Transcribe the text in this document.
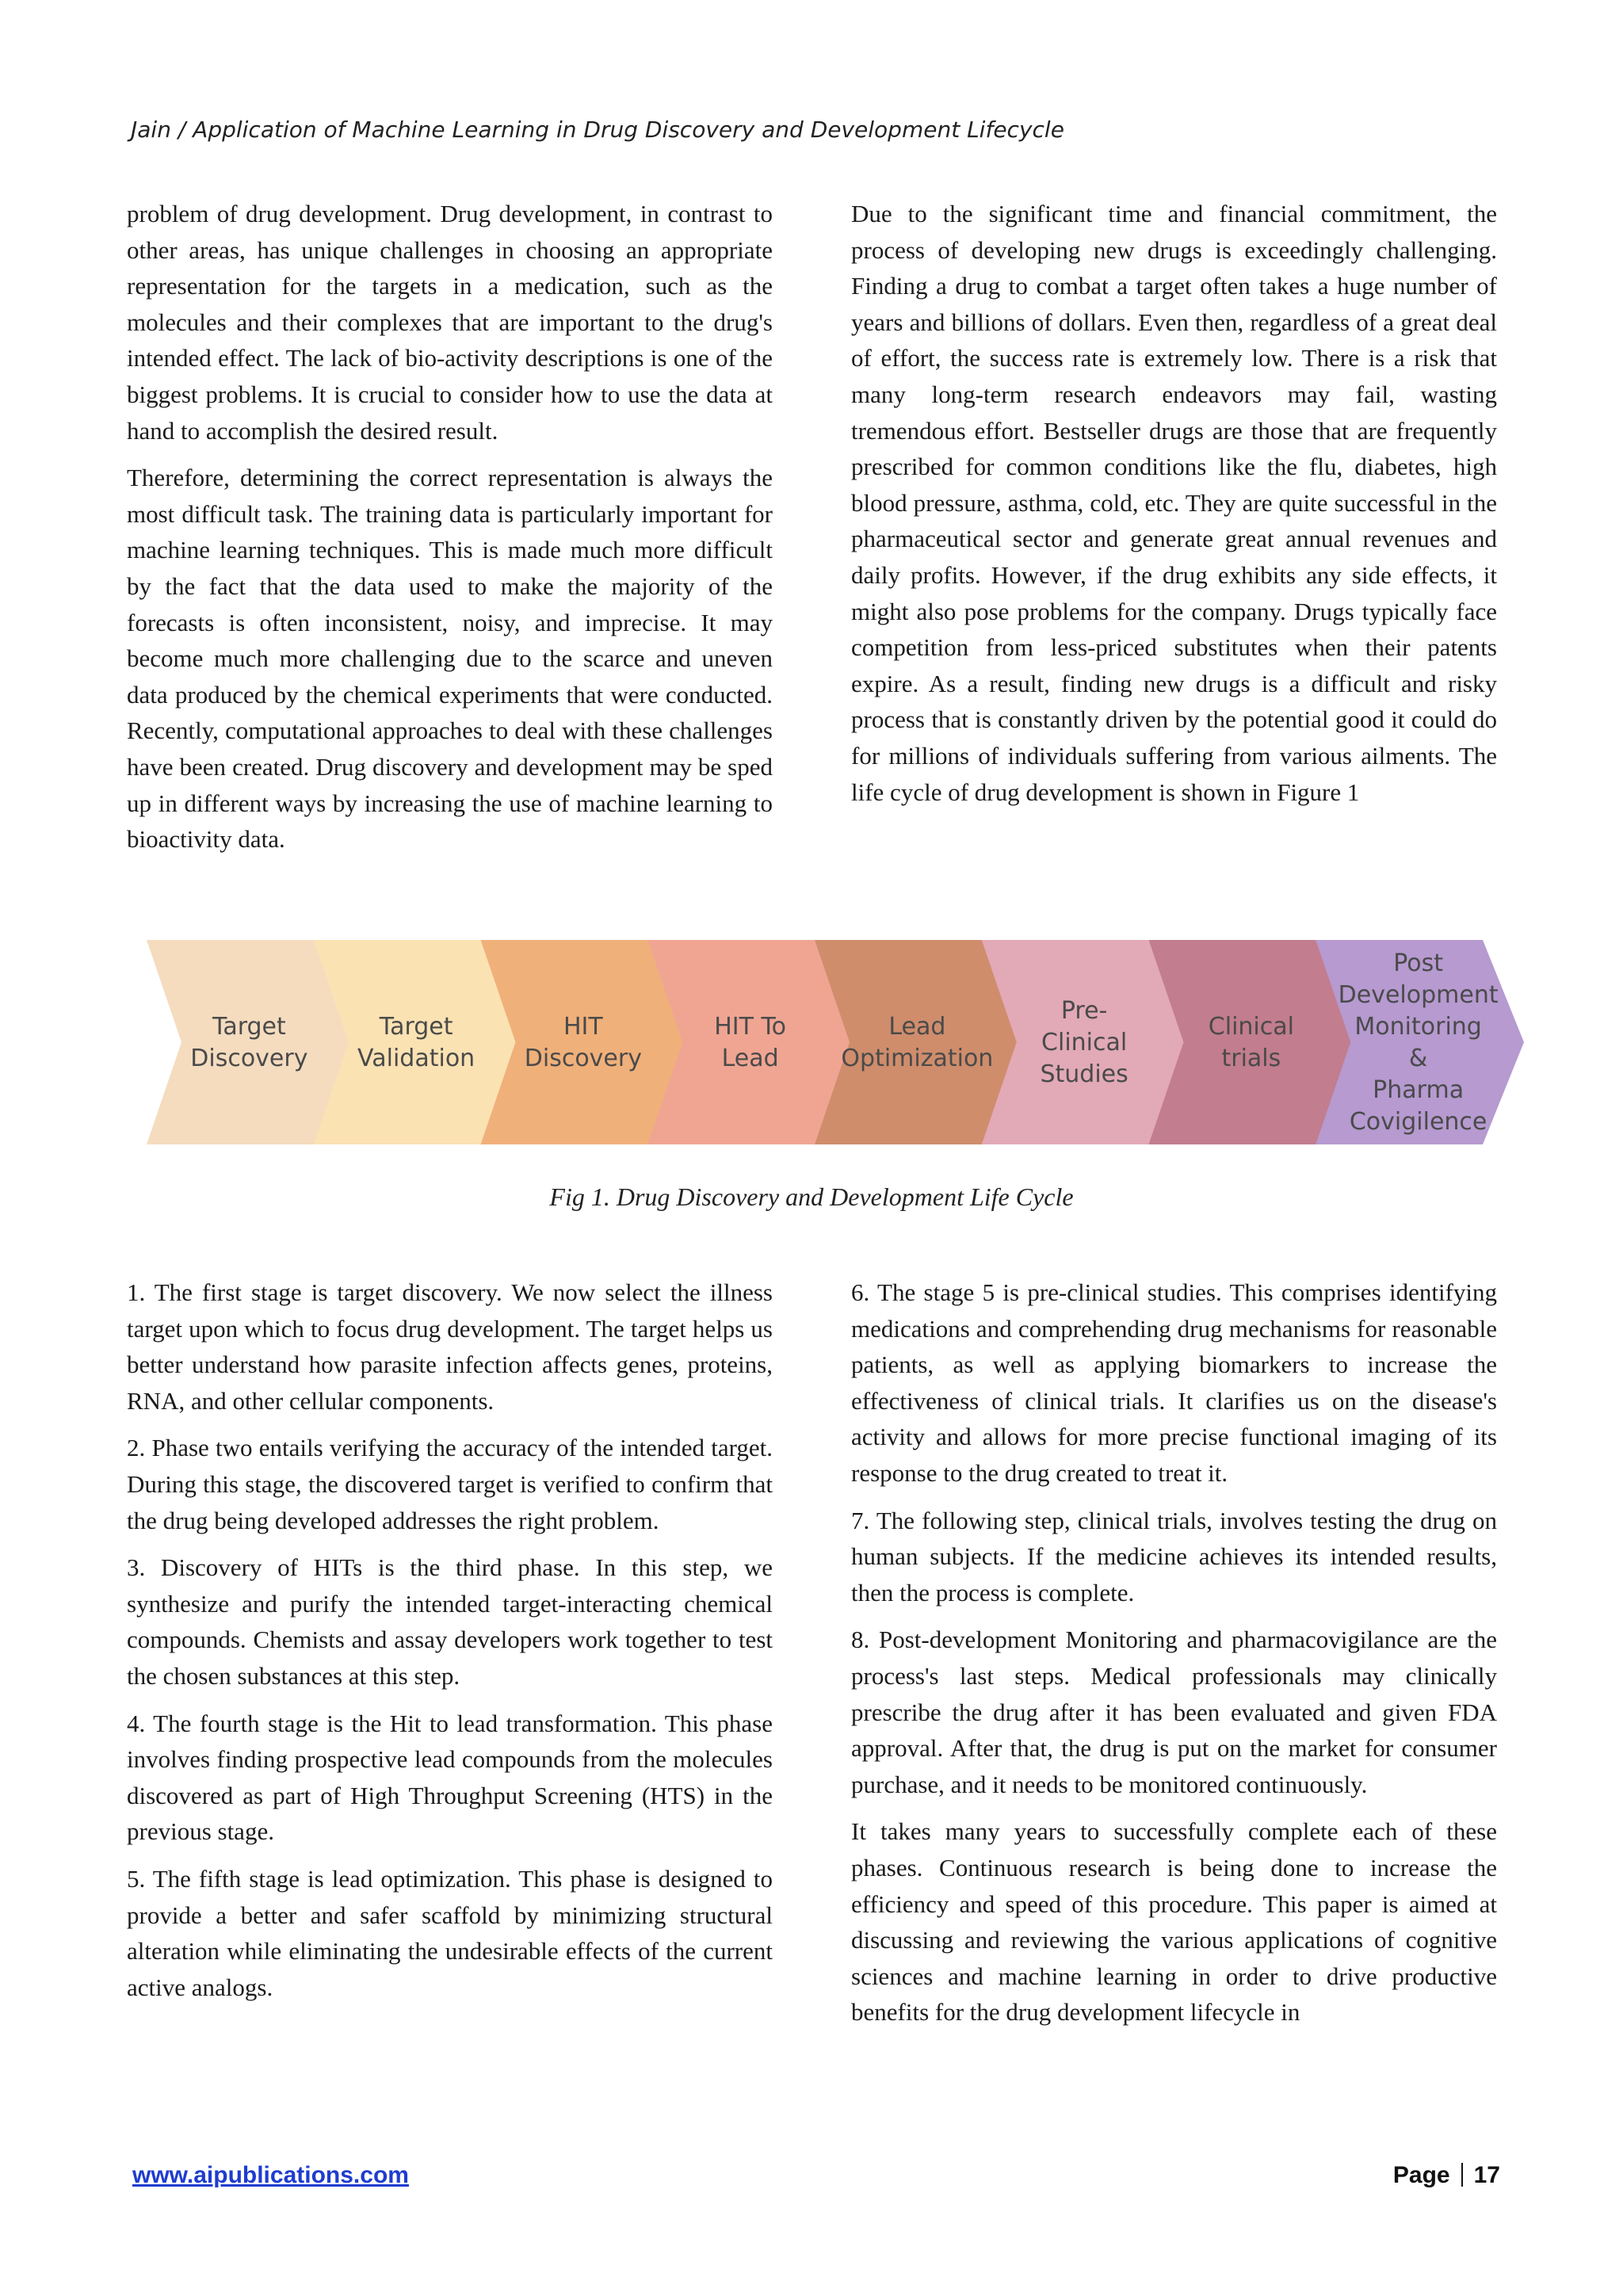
Jain / Application of Machine Learning in Drug Discovery and Development Lifecycle

problem of drug development. Drug development, in contrast to other areas, has unique challenges in choosing an appropriate representation for the targets in a medication, such as the molecules and their complexes that are important to the drug's intended effect. The lack of bio-activity descriptions is one of the biggest problems. It is crucial to consider how to use the data at hand to accomplish the desired result.

Therefore, determining the correct representation is always the most difficult task. The training data is particularly important for machine learning techniques. This is made much more difficult by the fact that the data used to make the majority of the forecasts is often inconsistent, noisy, and imprecise. It may become much more challenging due to the scarce and uneven data produced by the chemical experiments that were conducted. Recently, computational approaches to deal with these challenges have been created. Drug discovery and development may be sped up in different ways by increasing the use of machine learning to bioactivity data.

Due to the significant time and financial commitment, the process of developing new drugs is exceedingly challenging. Finding a drug to combat a target often takes a huge number of years and billions of dollars. Even then, regardless of a great deal of effort, the success rate is extremely low. There is a risk that many long-term research endeavors may fail, wasting tremendous effort. Bestseller drugs are those that are frequently prescribed for common conditions like the flu, diabetes, high blood pressure, asthma, cold, etc. They are quite successful in the pharmaceutical sector and generate great annual revenues and daily profits. However, if the drug exhibits any side effects, it might also pose problems for the company. Drugs typically face competition from less-priced substitutes when their patents expire. As a result, finding new drugs is a difficult and risky process that is constantly driven by the potential good it could do for millions of individuals suffering from various ailments. The life cycle of drug development is shown in Figure 1

Target Discovery
Target Validation
HIT Discovery
HIT To Lead
Lead Optimization
Pre-Clinical Studies
Clinical trials
Post Development Monitoring & Pharma Covigilence
Fig 1. Drug Discovery and Development Life Cycle

1. The first stage is target discovery. We now select the illness target upon which to focus drug development. The target helps us better understand how parasite infection affects genes, proteins, RNA, and other cellular components.

2. Phase two entails verifying the accuracy of the intended target. During this stage, the discovered target is verified to confirm that the drug being developed addresses the right problem.

3. Discovery of HITs is the third phase. In this step, we synthesize and purify the intended target-interacting chemical compounds. Chemists and assay developers work together to test the chosen substances at this step.

4. The fourth stage is the Hit to lead transformation. This phase involves finding prospective lead compounds from the molecules discovered as part of High Throughput Screening (HTS) in the previous stage.

5. The fifth stage is lead optimization. This phase is designed to provide a better and safer scaffold by minimizing structural alteration while eliminating the undesirable effects of the current active analogs.

6. The stage 5 is pre-clinical studies. This comprises identifying medications and comprehending drug mechanisms for reasonable patients, as well as applying biomarkers to increase the effectiveness of clinical trials. It clarifies us on the disease's activity and allows for more precise functional imaging of its response to the drug created to treat it.

7. The following step, clinical trials, involves testing the drug on human subjects. If the medicine achieves its intended results, then the process is complete.

8. Post-development Monitoring and pharmacovigilance are the process's last steps. Medical professionals may clinically prescribe the drug after it has been evaluated and given FDA approval. After that, the drug is put on the market for consumer purchase, and it needs to be monitored continuously.

It takes many years to successfully complete each of these phases. Continuous research is being done to increase the efficiency and speed of this procedure. This paper is aimed at discussing and reviewing the various applications of cognitive sciences and machine learning in order to drive productive benefits for the drug development lifecycle in

www.aipublications.com	Page 17
